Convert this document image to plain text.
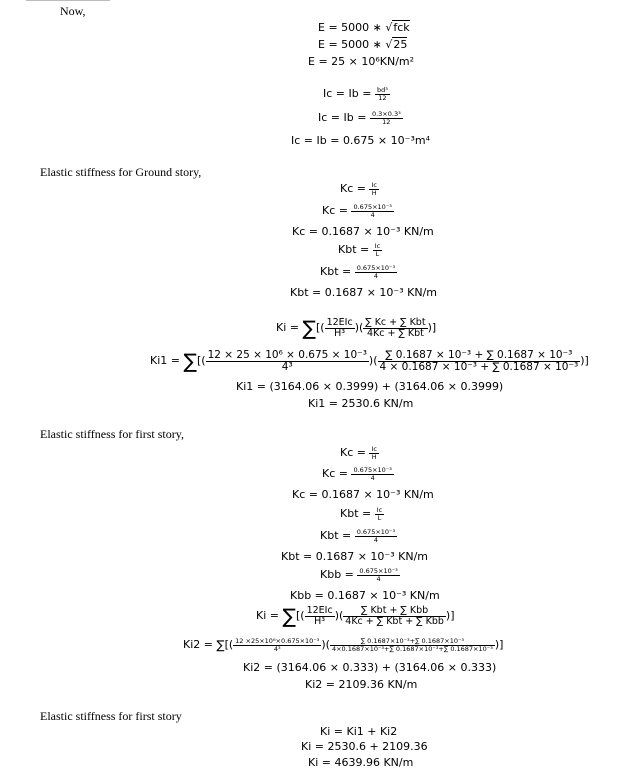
Now,
E = 5000 ∗ √fck
E = 5000 ∗ √25
E = 25 × 10⁶KN/m²
$Ic = Ib = \frac{\text{bd³}}{12}$
$Ic = Ib = \frac{\text{0.3×0.3³}}{12}$
Ic = Ib = 0.675 × 10⁻³m⁴
Elastic stiffness for Ground story,
$Kc = \frac{Ic}{H}$
$Kc = \frac{\text{0.675×10⁻³}}{4}$
Kc = 0.1687 × 10⁻³ KN/m
Kbt = $\frac{Ic}{L}$
Kbt = $\frac{\text{0.675×10⁻³}}{4}$
Kbt = 0.1687 × 10⁻³ KN/m
Ki = ∑[( $\frac{\text{12EIc}}{\text{H³}}$ )( $\frac{\text{∑ Kc + ∑ Kbt}}{\text{4Kc + ∑ Kbt}}$ )]
Ki1 = ∑[( $\frac{\text{12 × 25 × 10⁶ × 0.675 × 10⁻³}}{\text{4³}}$ )( $\frac{\text{∑ 0.1687 × 10⁻³ + ∑ 0.1687 × 10⁻³}}{\text{4 × 0.1687 × 10⁻³ + ∑ 0.1687 × 10⁻³}}$ )]
Ki1 = (3164.06 × 0.3999) + (3164.06 × 0.3999)
Ki1 = 2530.6 KN/m
Elastic stiffness for first story,
$Kc = \frac{Ic}{H}$
$Kc = \frac{\text{0.675×10⁻³}}{4}$
Kc = 0.1687 × 10⁻³ KN/m
Kbt = $\frac{Ic}{L}$
Kbt = $\frac{\text{0.675×10⁻³}}{4}$
Kbt = 0.1687 × 10⁻³ KN/m
Kbb = $\frac{\text{0.675×10⁻³}}{4}$
Kbb = 0.1687 × 10⁻³ KN/m
Ki = ∑[( $\frac{\text{12EIc}}{\text{H³}}$ )( $\frac{\text{∑ Kbt + ∑ Kbb}}{\text{4Kc + ∑ Kbt + ∑ Kbb}}$ )]
Ki2 = ∑[( $\frac{\text{12 ×25×10⁶×0.675×10⁻³}}{\text{4³}}$ )( $\frac{\text{∑ 0.1687×10⁻³+∑ 0.1687×10⁻³}}{\text{4×0.1687×10⁻³+∑ 0.1687×10⁻³+∑ 0.1687×10⁻³}}$ )]
Ki2 = (3164.06 × 0.333) + (3164.06 × 0.333)
Ki2 = 2109.36 KN/m
Elastic stiffness for first story
Ki = Ki1 + Ki2
Ki = 2530.6 + 2109.36
Ki = 4639.96 KN/m
